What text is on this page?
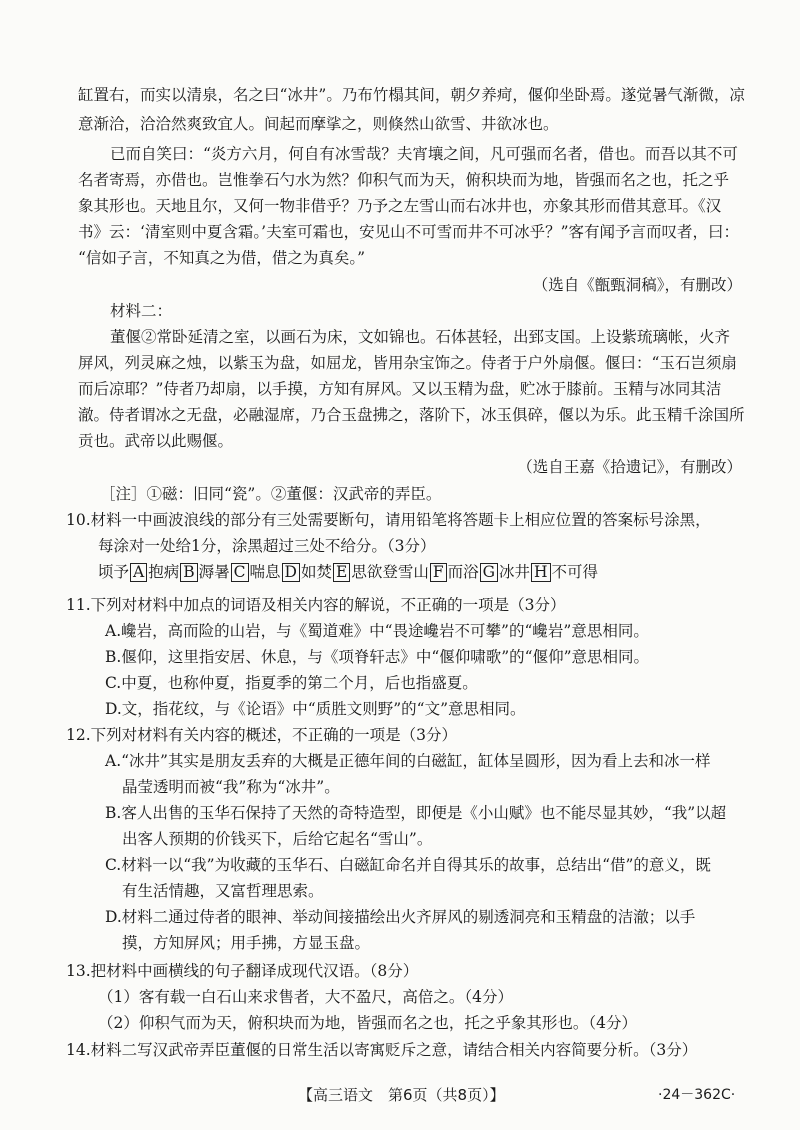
缸置右，而实以清泉，名之曰“冰井”。乃布竹榻其间，朝夕养疴，偃仰坐卧焉。遂觉暑气渐微，凉
意渐洽，洽洽然爽致宜人。间起而摩挲之，则倏然山欲雪、井欲冰也。
已而自笑曰：“炎方六月，何自有冰雪哉？夫宵壤之间，凡可强而名者，借也。而吾以其不可
名者寄焉，亦借也。岂惟拳石勺水为然？仰积气而为天，俯积块而为地，皆强而名之也，托之乎
象其形也。天地且尔，又何一物非借乎？乃予之左雪山而右冰井也，亦象其形而借其意耳。《汉
书》云：‘清室则中夏含霜。’夫室可霜也，安见山不可雪而井不可冰乎？”客有闻予言而叹者，曰：
“信如子言，不知真之为借，借之为真矣。”
（选自《甑甄洞稿》，有删改）
材料二：
董偃②常卧延清之室，以画石为床，文如锦也。石体甚轻，出郅支国。上设紫琉璃帐，火齐
屏风，列灵麻之烛，以紫玉为盘，如屈龙，皆用杂宝饰之。侍者于户外扇偃。偃曰：“玉石岂须扇
而后凉耶？”侍者乃却扇，以手摸，方知有屏风。又以玉精为盘，贮冰于膝前。玉精与冰同其洁
澈。侍者谓冰之无盘，必融湿席，乃合玉盘拂之，落阶下，冰玉俱碎，偃以为乐。此玉精千涂国所
贡也。武帝以此赐偃。
（选自王嘉《拾遗记》，有删改）
［注］①磁：旧同“瓷”。②董偃：汉武帝的弄臣。
10.材料一中画波浪线的部分有三处需要断句，请用铅笔将答题卡上相应位置的答案标号涂黑，
每涂对一处给1分，涂黑超过三处不给分。（3分）
顷予 A 抱病 B 溽暑 C 喘息 D 如焚 E 思欲登雪山 F 而浴 G 冰井 H 不可得
11.下列对材料中加点的词语及相关内容的解说，不正确的一项是（3分）
A.巉岩，高而险的山岩，与《蜀道难》中“畏途巉岩不可攀”的“巉岩”意思相同。
B.偃仰，这里指安居、休息，与《项脊轩志》中“偃仰啸歌”的“偃仰”意思相同。
C.中夏，也称仲夏，指夏季的第二个月，后也指盛夏。
D.文，指花纹，与《论语》中“质胜文则野”的“文”意思相同。
12.下列对材料有关内容的概述，不正确的一项是（3分）
A.“冰井”其实是朋友丢弃的大概是正德年间的白磁缸，缸体呈圆形，因为看上去和冰一样
晶莹透明而被“我”称为“冰井”。
B.客人出售的玉华石保持了天然的奇特造型，即便是《小山赋》也不能尽显其妙，“我”以超
出客人预期的价钱买下，后给它起名“雪山”。
C.材料一以“我”为收藏的玉华石、白磁缸命名并自得其乐的故事，总结出“借”的意义，既
有生活情趣，又富哲理思索。
D.材料二通过侍者的眼神、举动间接描绘出火齐屏风的剔透洞亮和玉精盘的洁澈；以手
摸，方知屏风；用手拂，方显玉盘。
13.把材料中画横线的句子翻译成现代汉语。（8分）
（1）客有载一白石山来求售者，大不盈尺，高倍之。（4分）
（2）仰积气而为天，俯积块而为地，皆强而名之也，托之乎象其形也。（4分）
14.材料二写汉武帝弄臣董偃的日常生活以寄寓贬斥之意，请结合相关内容简要分析。（3分）
【高三语文　第6页（共8页）】	·24－362C·
